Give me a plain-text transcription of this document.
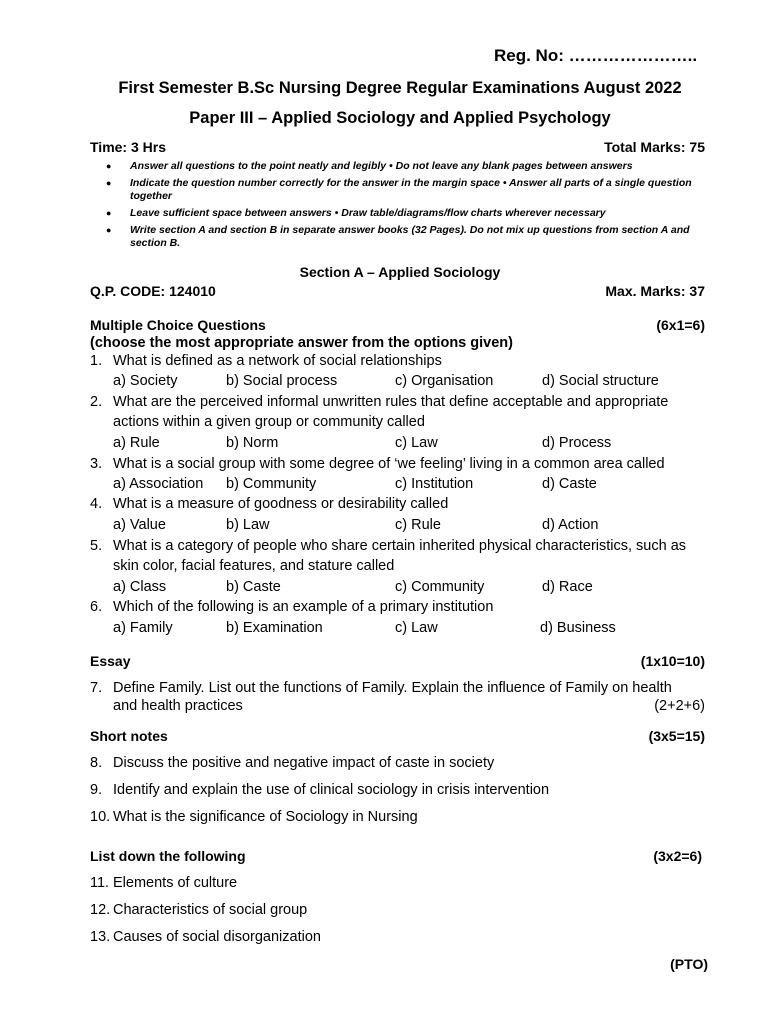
Reg. No: …………………..
First Semester B.Sc Nursing Degree Regular Examinations August 2022
Paper III – Applied Sociology and Applied Psychology
Time: 3 Hrs	Total Marks: 75
● Answer all questions to the point neatly and legibly • Do not leave any blank pages between answers
● Indicate the question number correctly for the answer in the margin space • Answer all parts of a single question together
● Leave sufficient space between answers • Draw table/diagrams/flow charts wherever necessary
● Write section A and section B in separate answer books (32 Pages). Do not mix up questions from section A and section B.
Section A – Applied Sociology
Q.P. CODE: 124010	Max. Marks: 37
Multiple Choice Questions	(6x1=6)
(choose the most appropriate answer from the options given)
1. What is defined as a network of social relationships
a) Society	b) Social process	c) Organisation	d) Social structure
2. What are the perceived informal unwritten rules that define acceptable and appropriate
actions within a given group or community called
a) Rule	b) Norm	c) Law	d) Process
3. What is a social group with some degree of ‘we feeling’ living in a common area called
a) Association b) Community	c) Institution	d) Caste
4. What is a measure of goodness or desirability called
a) Value	b) Law	c) Rule	d) Action
5. What is a category of people who share certain inherited physical characteristics, such as
skin color, facial features, and stature called
a) Class	b) Caste	c) Community	d) Race
6. Which of the following is an example of a primary institution
a) Family	b) Examination	c) Law	d) Business
Essay	(1x10=10)
7. Define Family. List out the functions of Family. Explain the influence of Family on health
and health practices	(2+2+6)
Short notes	(3x5=15)
8. Discuss the positive and negative impact of caste in society
9. Identify and explain the use of clinical sociology in crisis intervention
10. What is the significance of Sociology in Nursing
List down the following	(3x2=6)
11. Elements of culture
12. Characteristics of social group
13. Causes of social disorganization
(PTO)
